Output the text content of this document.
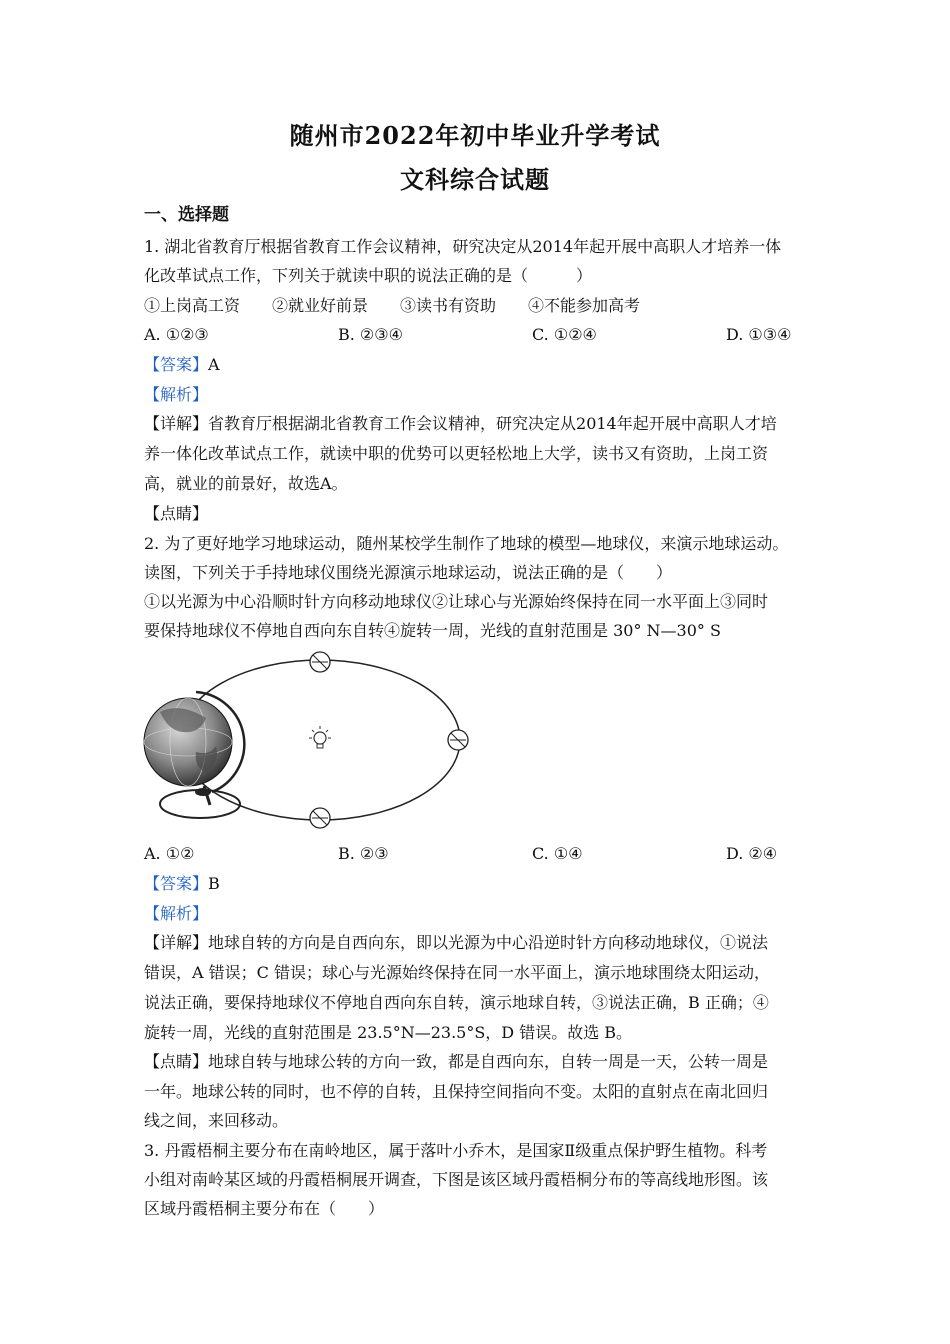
随州市2022年初中毕业升学考试
文科综合试题
一、选择题
1. 湖北省教育厅根据省教育工作会议精神，研究决定从2014年起开展中高职人才培养一体
化改革试点工作，下列关于就读中职的说法正确的是（　　　）
①上岗高工资　　②就业好前景　　③读书有资助　　④不能参加高考
A. ①②③	B. ②③④	C. ①②④	D. ①③④
【答案】A
【解析】
【详解】省教育厅根据湖北省教育工作会议精神，研究决定从2014年起开展中高职人才培
养一体化改革试点工作，就读中职的优势可以更轻松地上大学，读书又有资助，上岗工资
高，就业的前景好，故选A。
【点睛】
2. 为了更好地学习地球运动，随州某校学生制作了地球的模型—地球仪，来演示地球运动。
读图，下列关于手持地球仪围绕光源演示地球运动，说法正确的是（　　）
①以光源为中心沿顺时针方向移动地球仪②让球心与光源始终保持在同一水平面上③同时
要保持地球仪不停地自西向东自转④旋转一周，光线的直射范围是 30° N—30° S
A. ①②	B. ②③	C. ①④	D. ②④
【答案】B
【解析】
【详解】地球自转的方向是自西向东，即以光源为中心沿逆时针方向移动地球仪，①说法
错误，A 错误；C 错误；球心与光源始终保持在同一水平面上，演示地球围绕太阳运动，
说法正确，要保持地球仪不停地自西向东自转，演示地球自转，③说法正确，B 正确；④
旋转一周，光线的直射范围是 23.5°N—23.5°S，D 错误。故选 B。
【点睛】地球自转与地球公转的方向一致，都是自西向东，自转一周是一天，公转一周是
一年。地球公转的同时，也不停的自转，且保持空间指向不变。太阳的直射点在南北回归
线之间，来回移动。
3. 丹霞梧桐主要分布在南岭地区，属于落叶小乔木，是国家Ⅱ级重点保护野生植物。科考
小组对南岭某区域的丹霞梧桐展开调查，下图是该区域丹霞梧桐分布的等高线地形图。该
区域丹霞梧桐主要分布在（　　）
